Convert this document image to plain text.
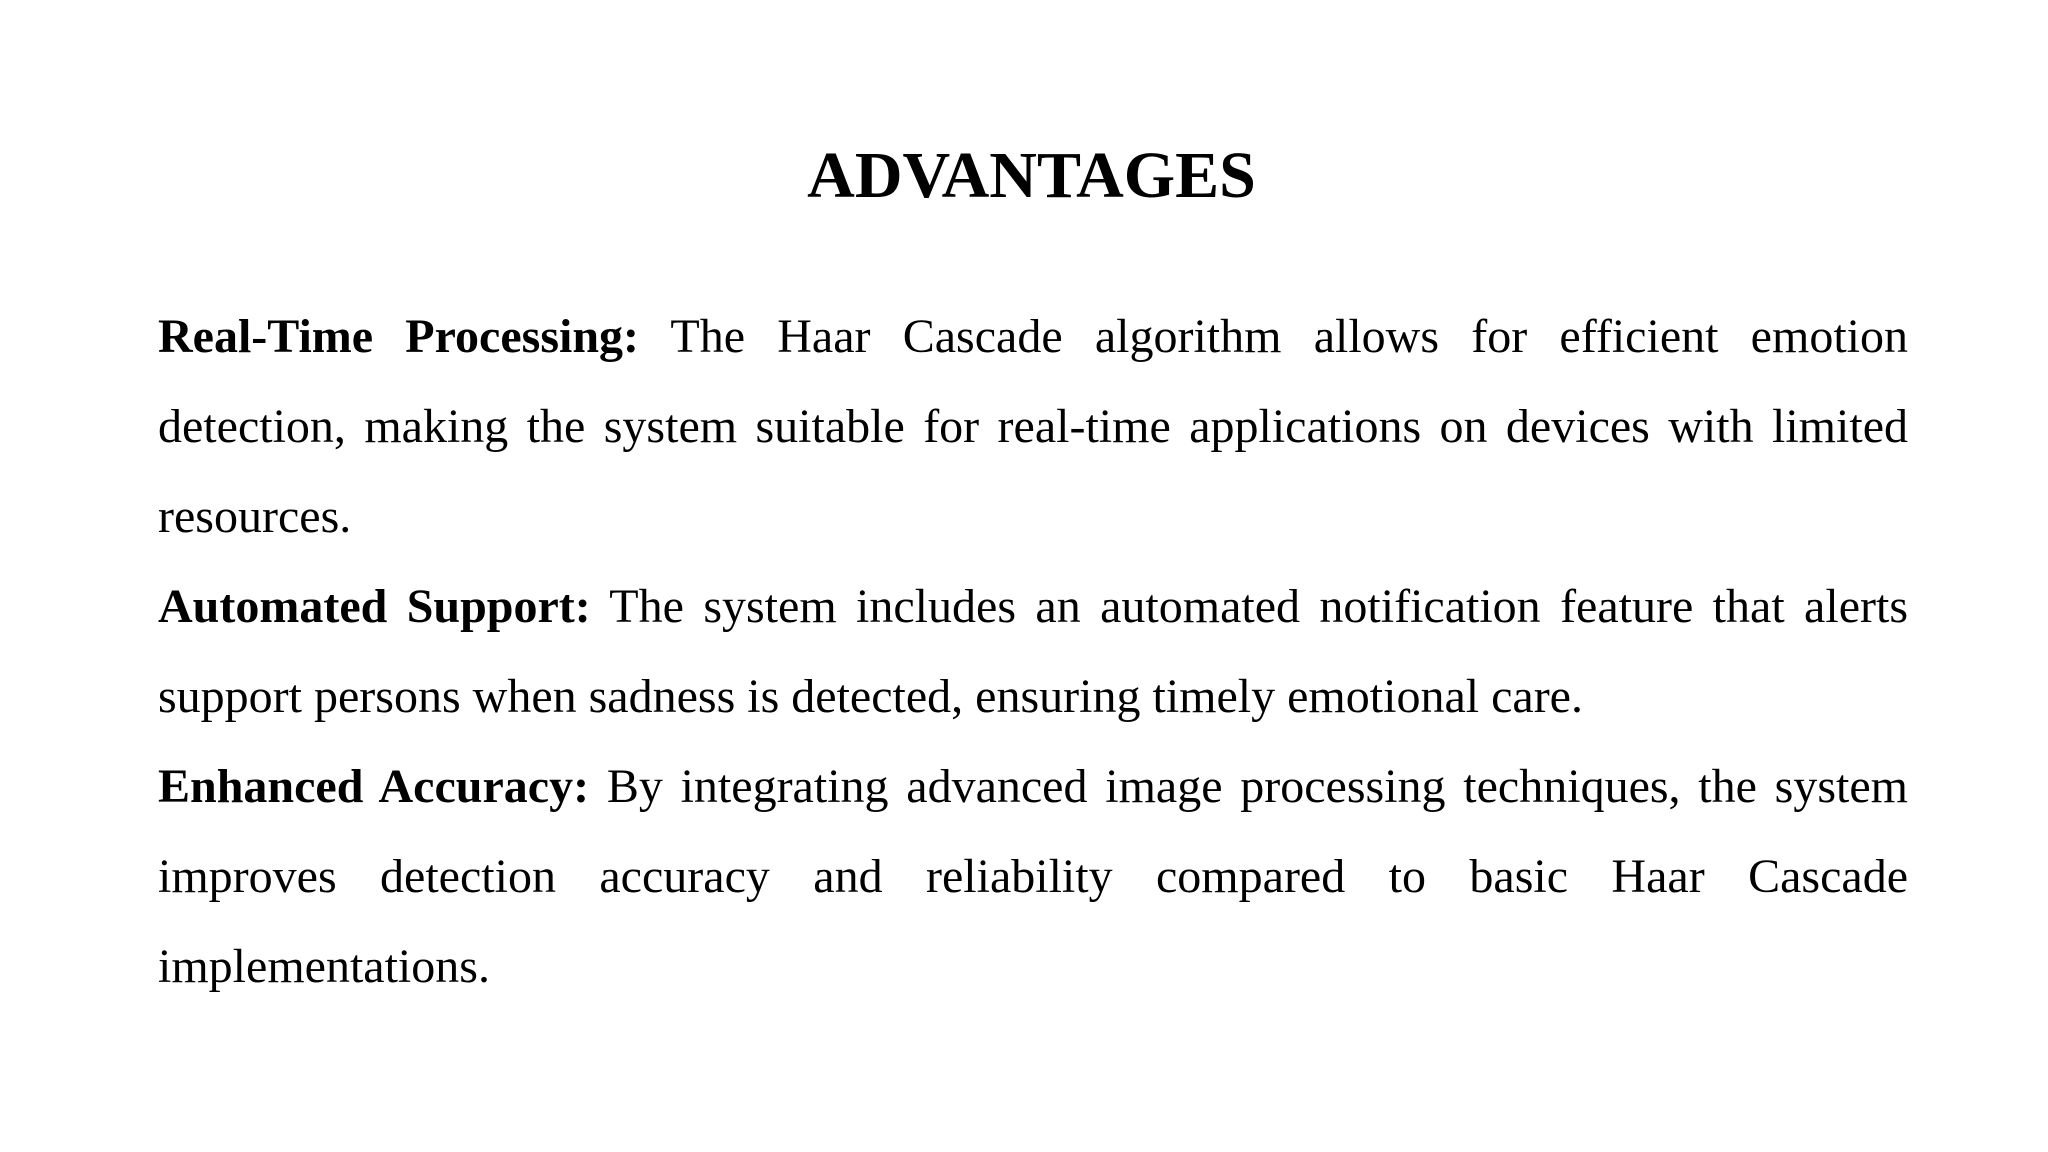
ADVANTAGES

Real-Time Processing: The Haar Cascade algorithm allows for efficient emotion detection, making the system suitable for real-time applications on devices with limited resources.

Automated Support: The system includes an automated notification feature that alerts support persons when sadness is detected, ensuring timely emotional care.

Enhanced Accuracy: By integrating advanced image processing techniques, the system improves detection accuracy and reliability compared to basic Haar Cascade implementations.
